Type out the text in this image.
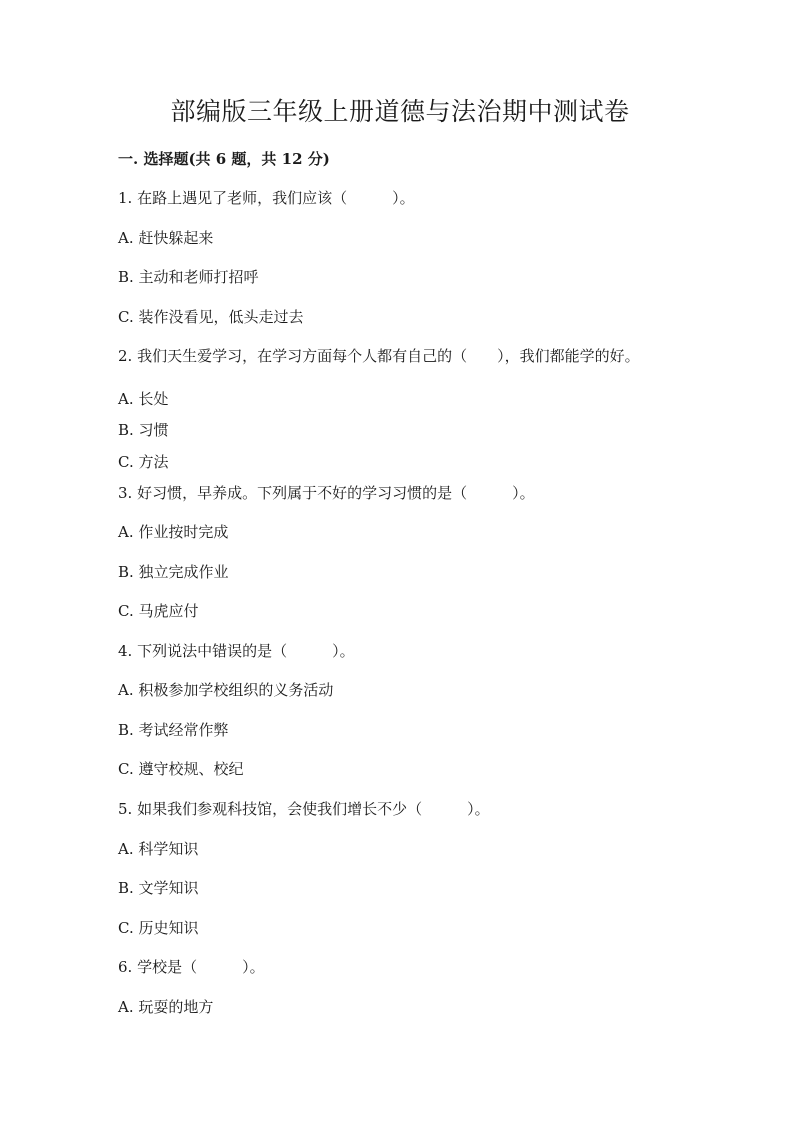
部编版三年级上册道德与法治期中测试卷
一. 选择题(共 6 题，共 12 分)
1. 在路上遇见了老师，我们应该（　　　）。
A. 赶快躲起来
B. 主动和老师打招呼
C. 装作没看见，低头走过去
2. 我们天生爱学习，在学习方面每个人都有自己的（　　），我们都能学的好。
A. 长处
B. 习惯
C. 方法
3. 好习惯，早养成。下列属于不好的学习习惯的是（　　　）。
A. 作业按时完成
B. 独立完成作业
C. 马虎应付
4. 下列说法中错误的是（　　　）。
A. 积极参加学校组织的义务活动
B. 考试经常作弊
C. 遵守校规、校纪
5. 如果我们参观科技馆，会使我们增长不少（　　　）。
A. 科学知识
B. 文学知识
C. 历史知识
6. 学校是（　　　）。
A. 玩耍的地方
